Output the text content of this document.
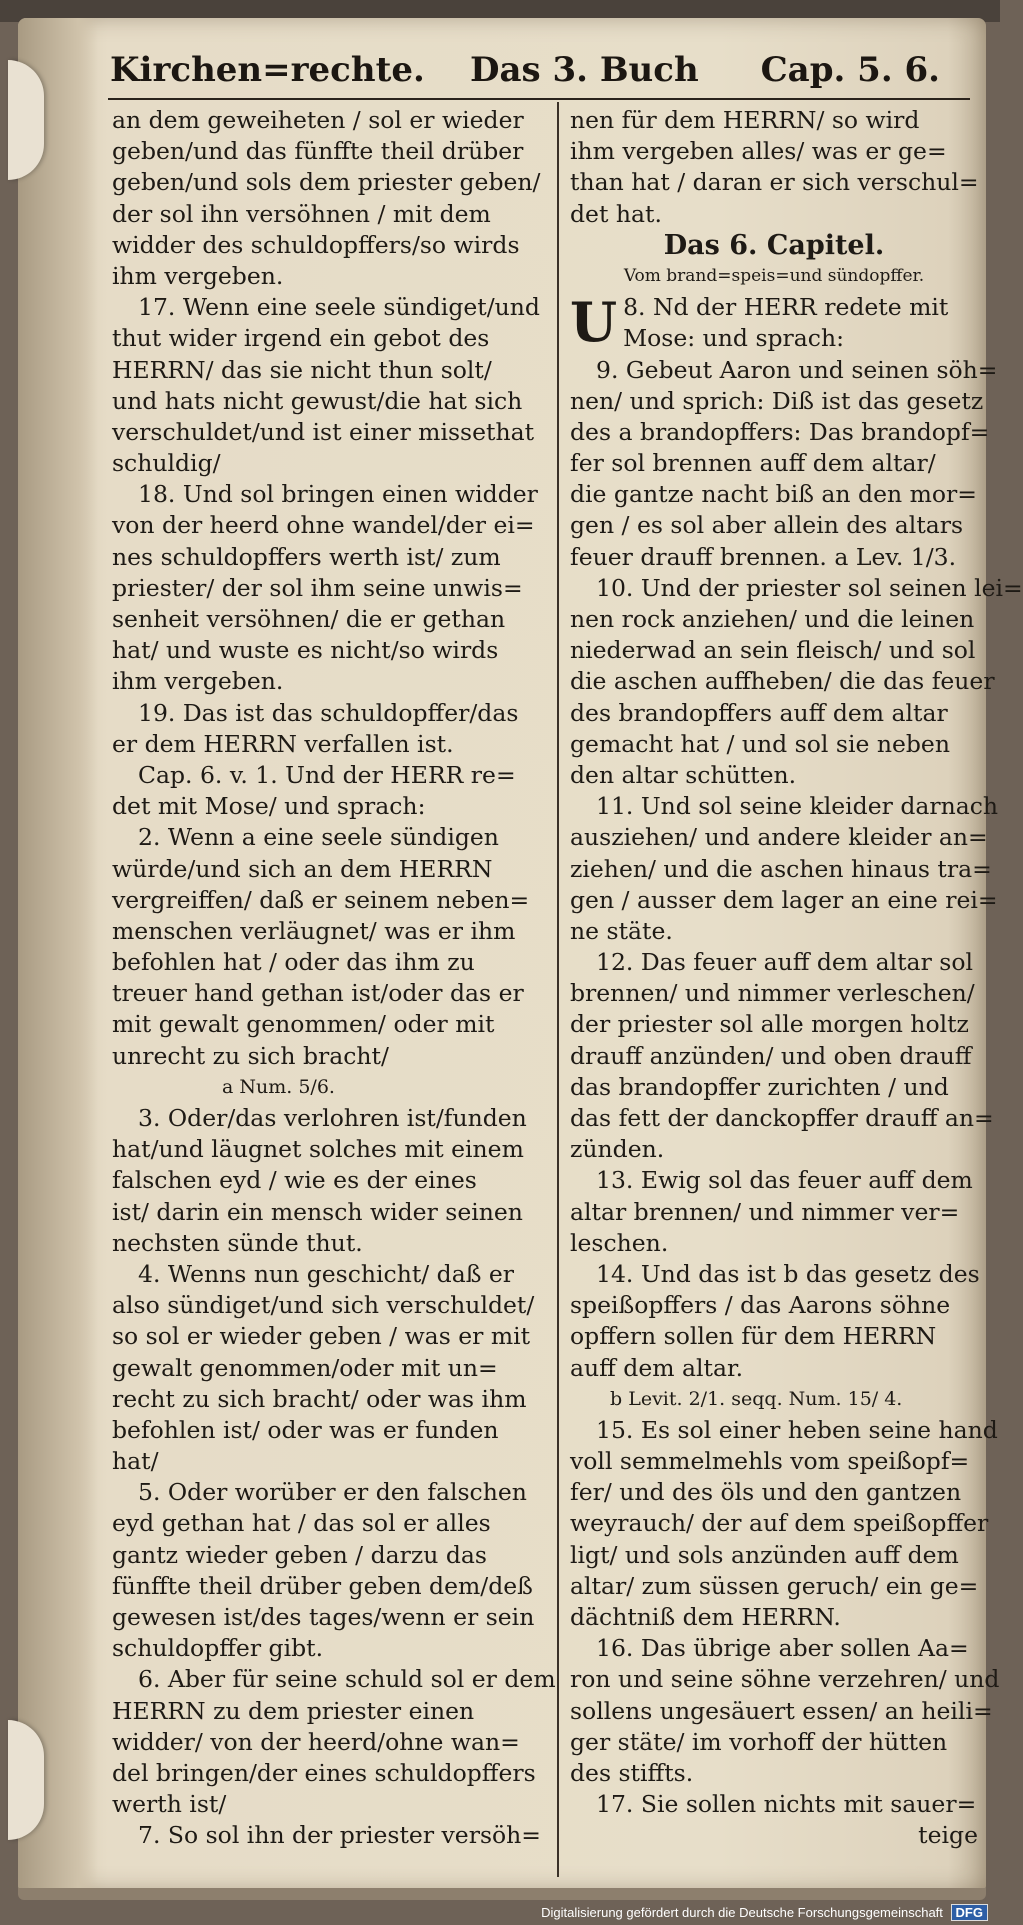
Kirchen=rechte. Das 3. Buch Cap. 5. 6.
an dem geweiheten / sol er wieder
geben/und das fünffte theil drüber
geben/und sols dem priester geben/
der sol ihn versöhnen / mit dem
widder des schuldopffers/so wirds
ihm vergeben.
17. Wenn eine seele sündiget/und
thut wider irgend ein gebot des
HERRN/ das sie nicht thun solt/
und hats nicht gewust/die hat sich
verschuldet/und ist einer missethat
schuldig/
18. Und sol bringen einen widder
von der heerd ohne wandel/der ei=
nes schuldopffers werth ist/ zum
priester/ der sol ihm seine unwis=
senheit versöhnen/ die er gethan
hat/ und wuste es nicht/so wirds
ihm vergeben.
19. Das ist das schuldopffer/das
er dem HERRN verfallen ist.
Cap. 6. v. 1. Und der HERR re=
det mit Mose/ und sprach:
2. Wenn a eine seele sündigen
würde/und sich an dem HERRN
vergreiffen/ daß er seinem neben=
menschen verläugnet/ was er ihm
befohlen hat / oder das ihm zu
treuer hand gethan ist/oder das er
mit gewalt genommen/ oder mit
unrecht zu sich bracht/
a Num. 5/6.
3. Oder/das verlohren ist/funden
hat/und läugnet solches mit einem
falschen eyd / wie es der eines
ist/ darin ein mensch wider seinen
nechsten sünde thut.
4. Wenns nun geschicht/ daß er
also sündiget/und sich verschuldet/
so sol er wieder geben / was er mit
gewalt genommen/oder mit un=
recht zu sich bracht/ oder was ihm
befohlen ist/ oder was er funden
hat/
5. Oder worüber er den falschen
eyd gethan hat / das sol er alles
gantz wieder geben / darzu das
fünffte theil drüber geben dem/deß
gewesen ist/des tages/wenn er sein
schuldopffer gibt.
6. Aber für seine schuld sol er dem
HERRN zu dem priester einen
widder/ von der heerd/ohne wan=
del bringen/der eines schuldopffers
werth ist/
7. So sol ihn der priester versöh=
nen für dem HERRN/ so wird
ihm vergeben alles/ was er ge=
than hat / daran er sich verschul=
det hat.
Das 6. Capitel.
Vom brand=speis=und sündopffer.
U 8. Nd der HERR redete mit
Mose: und sprach:
9. Gebeut Aaron und seinen söh=
nen/ und sprich: Diß ist das gesetz
des a brandopffers: Das brandopf=
fer sol brennen auff dem altar/
die gantze nacht biß an den mor=
gen / es sol aber allein des altars
feuer drauff brennen. a Lev. 1/3.
10. Und der priester sol seinen lei=
nen rock anziehen/ und die leinen
niederwad an sein fleisch/ und sol
die aschen auffheben/ die das feuer
des brandopffers auff dem altar
gemacht hat / und sol sie neben
den altar schütten.
11. Und sol seine kleider darnach
ausziehen/ und andere kleider an=
ziehen/ und die aschen hinaus tra=
gen / ausser dem lager an eine rei=
ne stäte.
12. Das feuer auff dem altar sol
brennen/ und nimmer verleschen/
der priester sol alle morgen holtz
drauff anzünden/ und oben drauff
das brandopffer zurichten / und
das fett der danckopffer drauff an=
zünden.
13. Ewig sol das feuer auff dem
altar brennen/ und nimmer ver=
leschen.
14. Und das ist b das gesetz des
speißopffers / das Aarons söhne
opffern sollen für dem HERRN
auff dem altar.
b Levit. 2/1. seqq. Num. 15/ 4.
15. Es sol einer heben seine hand
voll semmelmehls vom speißopf=
fer/ und des öls und den gantzen
weyrauch/ der auf dem speißopffer
ligt/ und sols anzünden auff dem
altar/ zum süssen geruch/ ein ge=
dächtniß dem HERRN.
16. Das übrige aber sollen Aa=
ron und seine söhne verzehren/ und
sollens ungesäuert essen/ an heili=
ger stäte/ im vorhoff der hütten
des stiffts.
17. Sie sollen nichts mit sauer=
teige
Digitalisierung gefördert durch die Deutsche Forschungsgemeinschaft DFG
